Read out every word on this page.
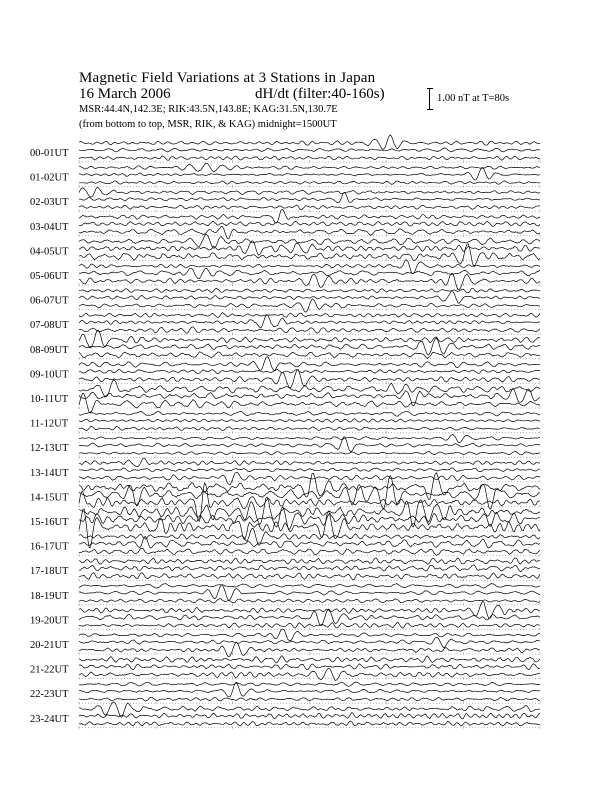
Magnetic Field Variations at 3 Stations in Japan
16 March 2006	dH/dt (filter:40-160s)
MSR:44.4N,142.3E; RIK:43.5N,143.8E; KAG:31.5N,130.7E
(from bottom to top, MSR, RIK, & KAG) midnight=1500UT
1.00 nT at T=80s
00-01UT
01-02UT
02-03UT
03-04UT
04-05UT
05-06UT
06-07UT
07-08UT
08-09UT
09-10UT
10-11UT
11-12UT
12-13UT
13-14UT
14-15UT
15-16UT
16-17UT
17-18UT
18-19UT
19-20UT
20-21UT
21-22UT
22-23UT
23-24UT
